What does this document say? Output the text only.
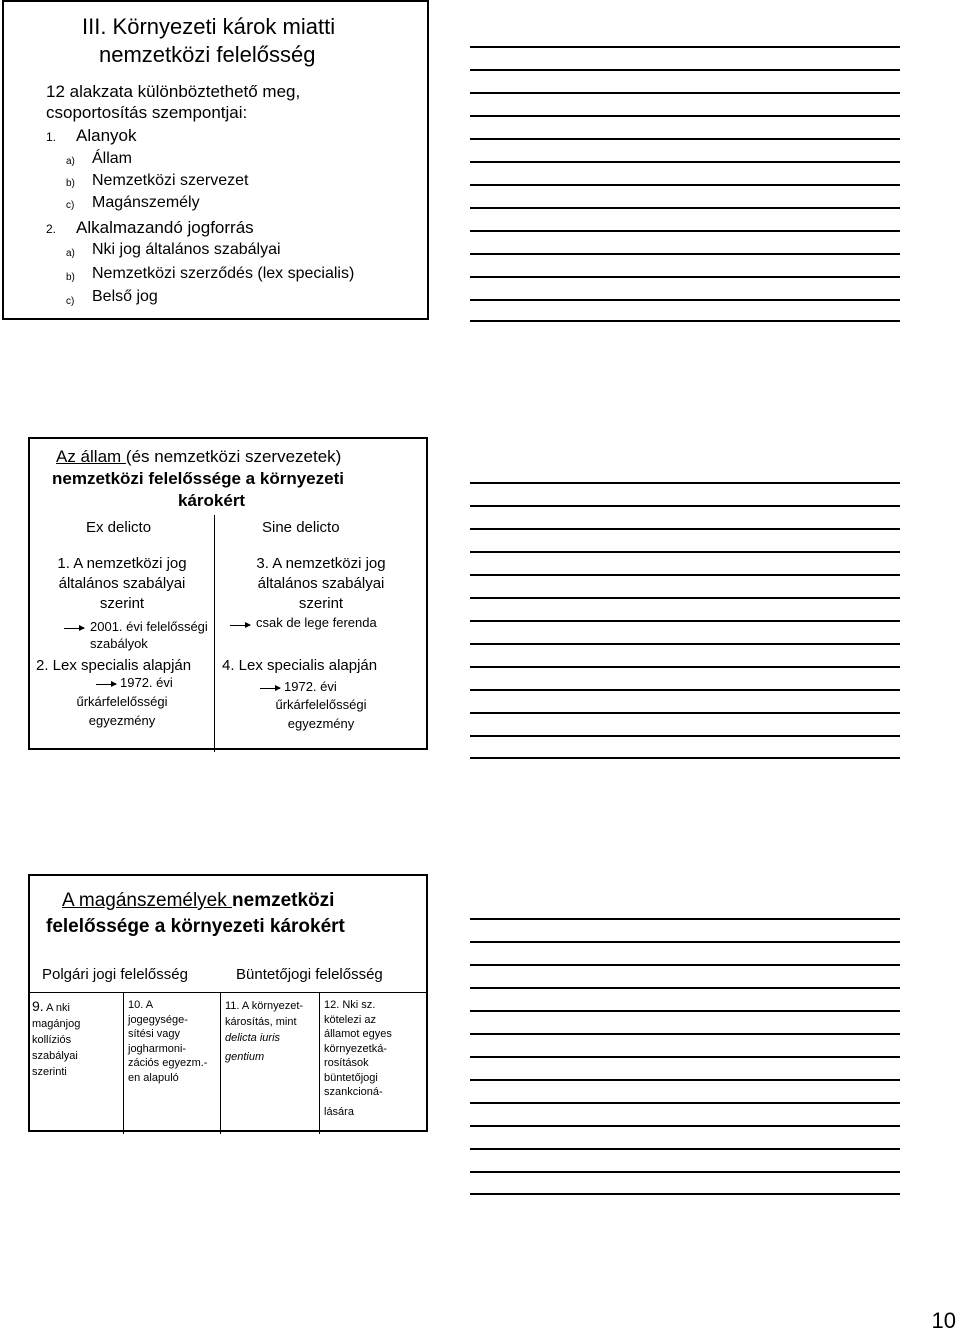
III. Környezeti károk miatti
nemzetközi felelősség
12 alakzata különböztethető meg,
csoportosítás szempontjai:
1. Alanyok
a) Állam
b) Nemzetközi szervezet
c) Magánszemély
2. Alkalmazandó jogforrás
a) Nki jog általános szabályai
b) Nemzetközi szerződés (lex specialis)
c) Belső jog
Az állam (és nemzetközi szervezetek)
nemzetközi felelőssége a környezeti
károkért
Ex delicto	Sine delicto
1. A nemzetközi jog
általános szabályai
szerint
2001. évi felelősségi
szabályok
2. Lex specialis alapján
1972. évi
űrkárfelelősségi
egyezmény
3. A nemzetközi jog
általános szabályai
szerint
csak de lege ferenda
4. Lex specialis alapján
1972. évi
űrkárfelelősségi
egyezmény
A magánszemélyek nemzetközi
felelőssége a környezeti károkért
Polgári jogi felelősség	Büntetőjogi felelősség
9. A nki
magánjog
kollíziós
szabályai
szerinti
10. A
jogegysége-
sítési vagy
jogharmoni-
zációs egyezm.-
en alapuló
11. A környezet-
károsítás, mint
delicta iuris
gentium
12. Nki sz.
kötelezi az
államot egyes
környezetká-
rosítások
büntetőjogi
szankcioná-
lására
10
